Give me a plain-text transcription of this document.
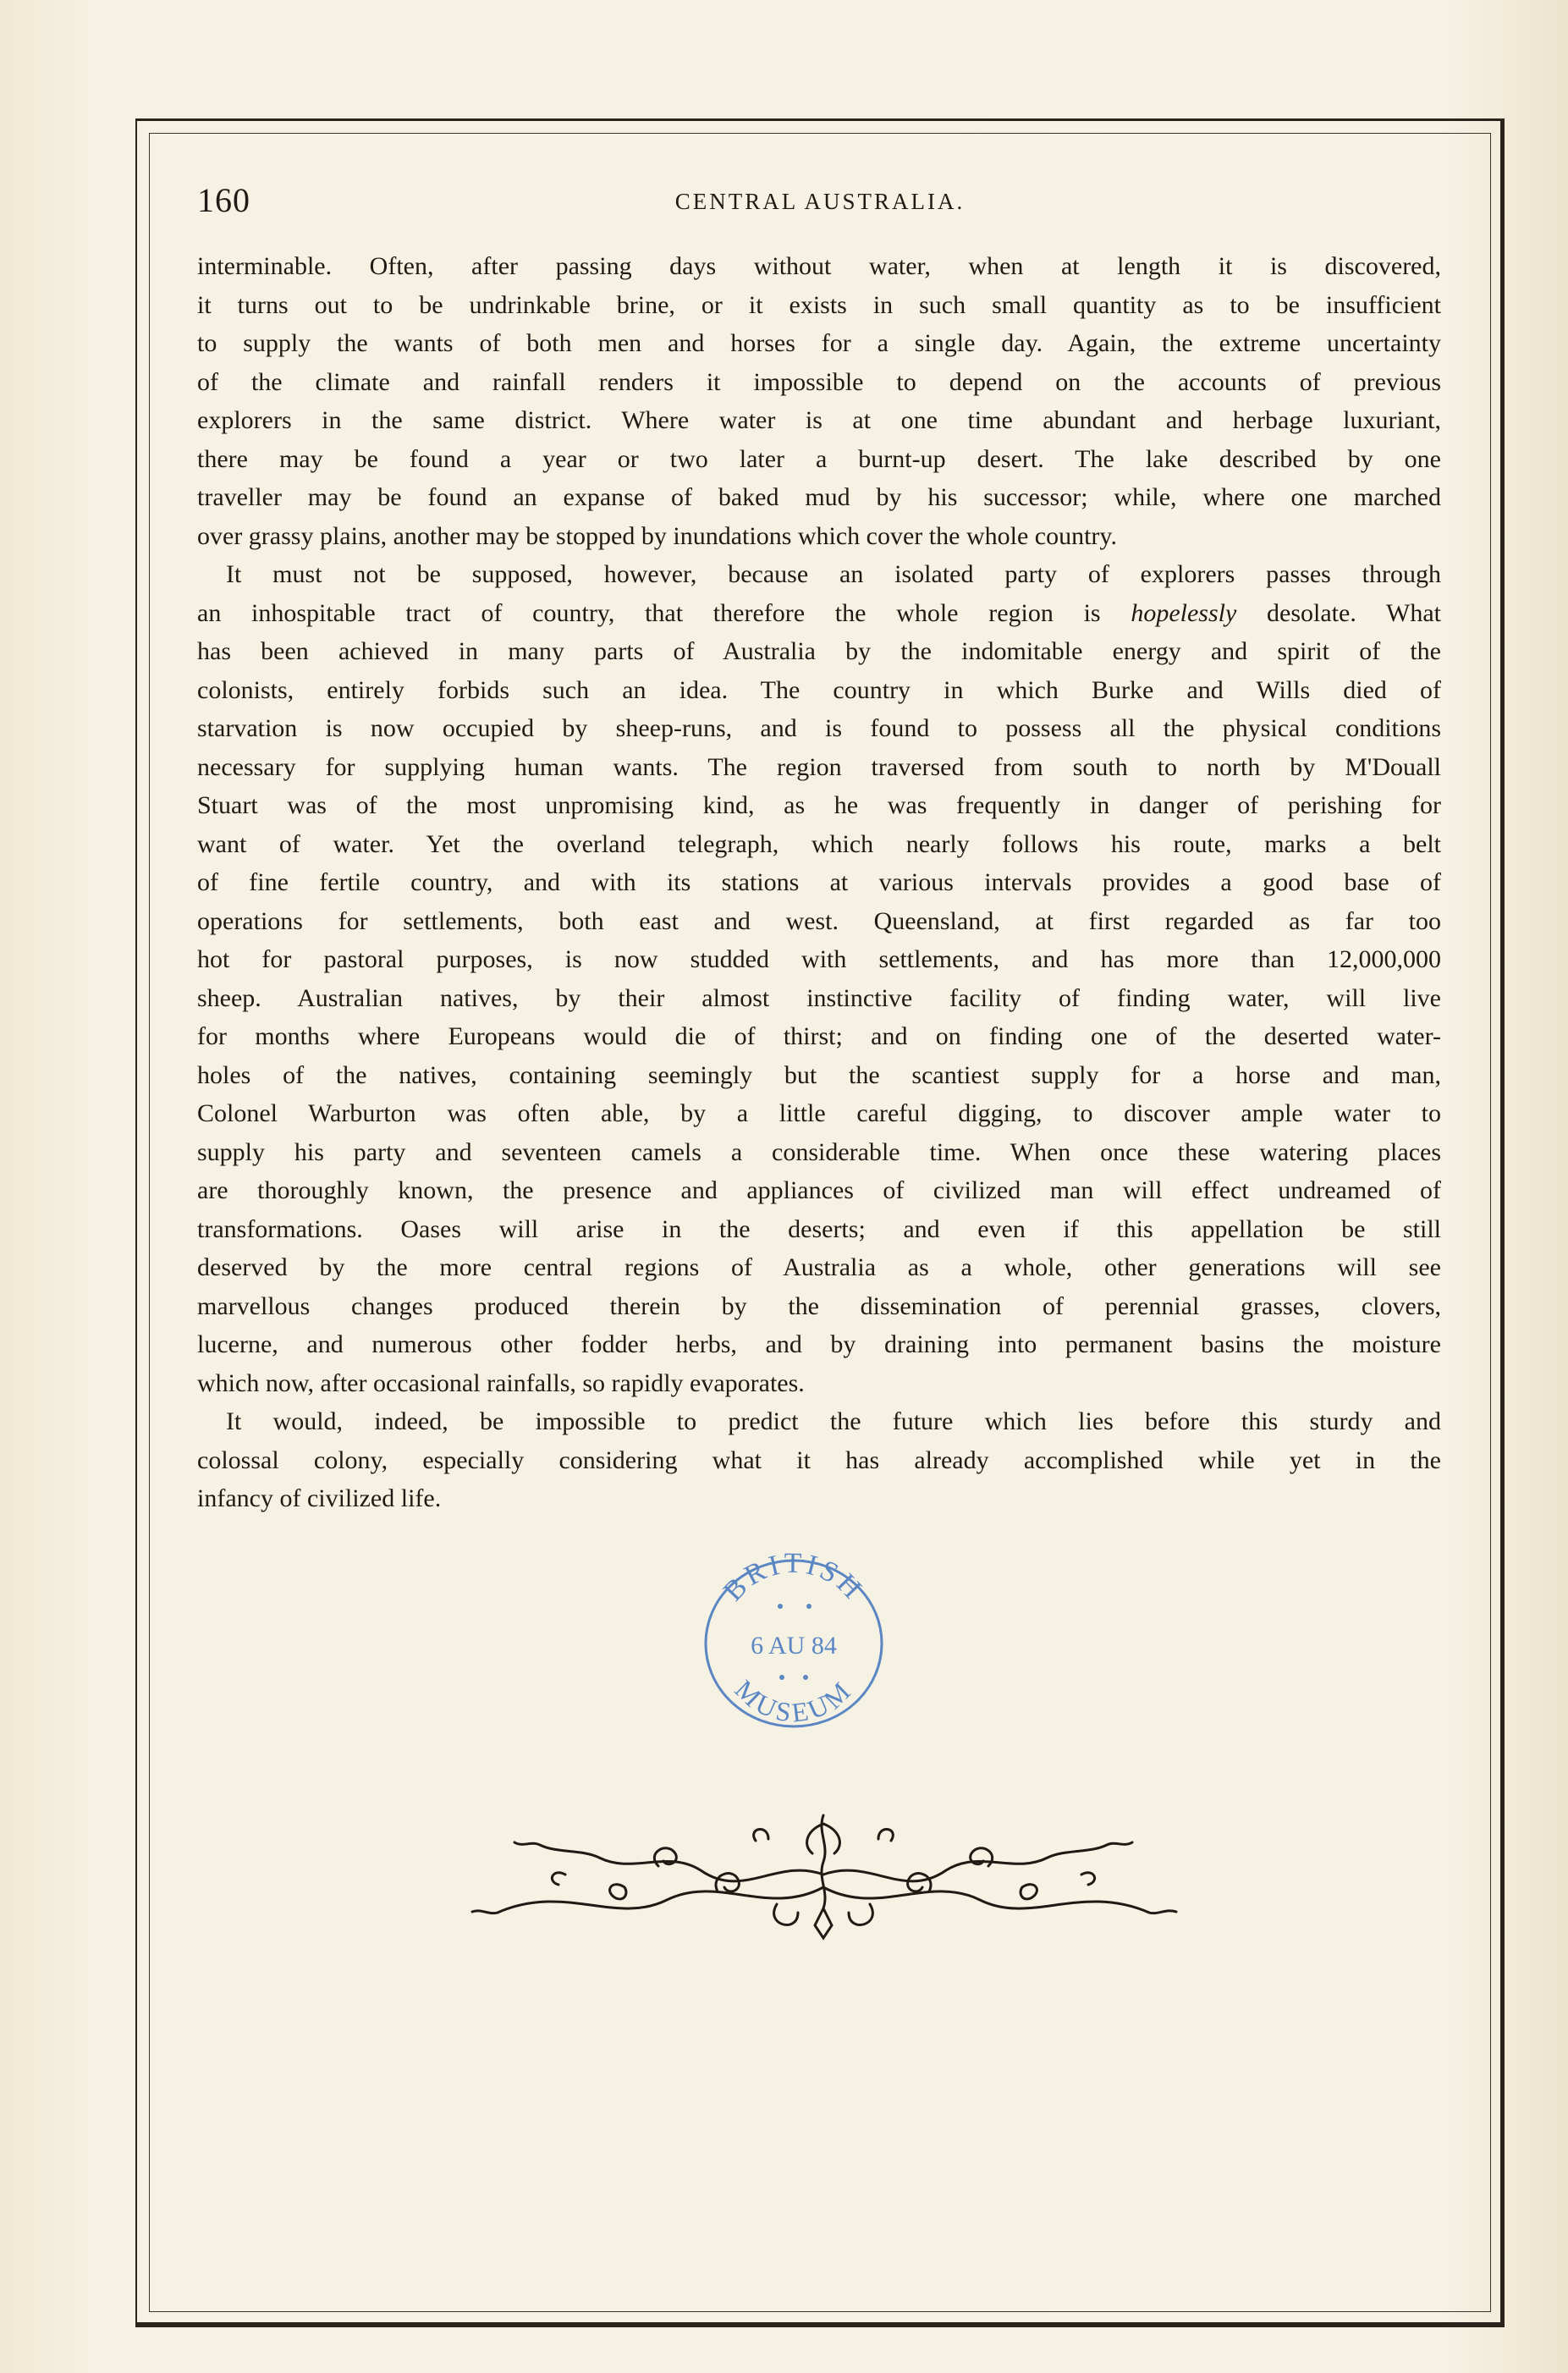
160	CENTRAL AUSTRALIA.
interminable. Often, after passing days without water, when at length it is discovered,
it turns out to be undrinkable brine, or it exists in such small quantity as to be insufficient
to supply the wants of both men and horses for a single day. Again, the extreme uncertainty
of the climate and rainfall renders it impossible to depend on the accounts of previous
explorers in the same district. Where water is at one time abundant and herbage luxuriant,
there may be found a year or two later a burnt-up desert. The lake described by one
traveller may be found an expanse of baked mud by his successor; while, where one marched
over grassy plains, another may be stopped by inundations which cover the whole country.
It must not be supposed, however, because an isolated party of explorers passes through
an inhospitable tract of country, that therefore the whole region is hopelessly desolate. What
has been achieved in many parts of Australia by the indomitable energy and spirit of the
colonists, entirely forbids such an idea. The country in which Burke and Wills died of
starvation is now occupied by sheep-runs, and is found to possess all the physical conditions
necessary for supplying human wants. The region traversed from south to north by M'Douall
Stuart was of the most unpromising kind, as he was frequently in danger of perishing for
want of water. Yet the overland telegraph, which nearly follows his route, marks a belt
of fine fertile country, and with its stations at various intervals provides a good base of
operations for settlements, both east and west. Queensland, at first regarded as far too
hot for pastoral purposes, is now studded with settlements, and has more than 12,000,000
sheep. Australian natives, by their almost instinctive facility of finding water, will live
for months where Europeans would die of thirst; and on finding one of the deserted water-
holes of the natives, containing seemingly but the scantiest supply for a horse and man,
Colonel Warburton was often able, by a little careful digging, to discover ample water to
supply his party and seventeen camels a considerable time. When once these watering places
are thoroughly known, the presence and appliances of civilized man will effect undreamed of
transformations. Oases will arise in the deserts; and even if this appellation be still
deserved by the more central regions of Australia as a whole, other generations will see
marvellous changes produced therein by the dissemination of perennial grasses, clovers,
lucerne, and numerous other fodder herbs, and by draining into permanent basins the moisture
which now, after occasional rainfalls, so rapidly evaporates.
It would, indeed, be impossible to predict the future which lies before this sturdy and
colossal colony, especially considering what it has already accomplished while yet in the
infancy of civilized life.
BRITISH
6 AU 84
MUSEUM
